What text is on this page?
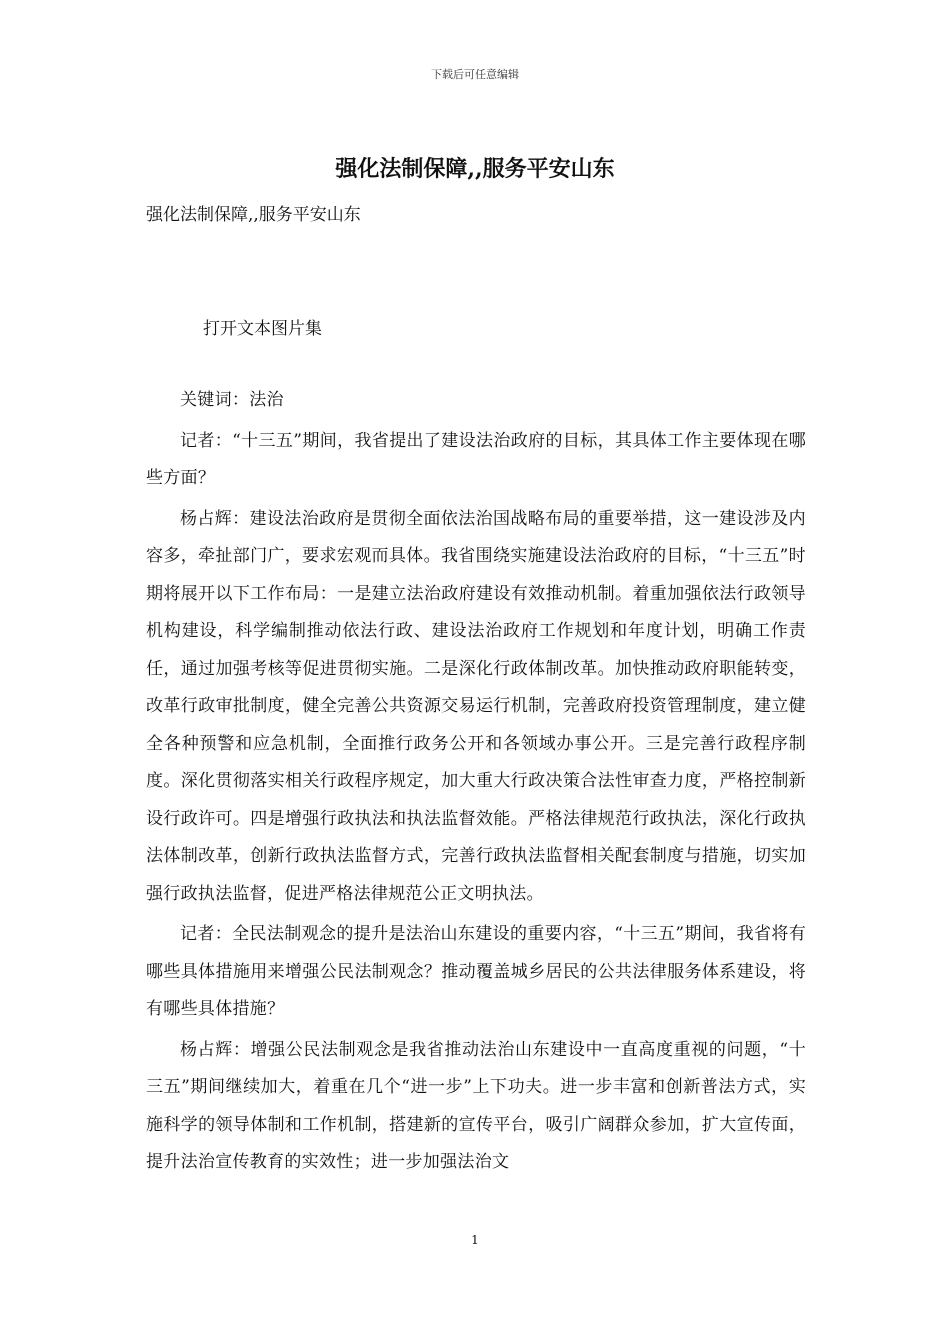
下载后可任意编辑
强化法制保障,,服务平安山东
强化法制保障,,服务平安山东
打开文本图片集

关键词：法治

记者：“十三五”期间，我省提出了建设法治政府的目标，其具体工作主要体现在哪些方面？

杨占辉：建设法治政府是贯彻全面依法治国战略布局的重要举措，这一建设涉及内容多，牵扯部门广，要求宏观而具体。我省围绕实施建设法治政府的目标，“十三五”时期将展开以下工作布局：一是建立法治政府建设有效推动机制。着重加强依法行政领导机构建设，科学编制推动依法行政、建设法治政府工作规划和年度计划，明确工作责任，通过加强考核等促进贯彻实施。二是深化行政体制改革。加快推动政府职能转变，改革行政审批制度，健全完善公共资源交易运行机制，完善政府投资管理制度，建立健全各种预警和应急机制，全面推行政务公开和各领域办事公开。三是完善行政程序制度。深化贯彻落实相关行政程序规定，加大重大行政决策合法性审查力度，严格控制新设行政许可。四是增强行政执法和执法监督效能。严格法律规范行政执法，深化行政执法体制改革，创新行政执法监督方式，完善行政执法监督相关配套制度与措施，切实加强行政执法监督，促进严格法律规范公正文明执法。

记者：全民法制观念的提升是法治山东建设的重要内容，“十三五”期间，我省将有哪些具体措施用来增强公民法制观念？推动覆盖城乡居民的公共法律服务体系建设，将有哪些具体措施？

杨占辉：增强公民法制观念是我省推动法治山东建设中一直高度重视的问题，“十三五”期间继续加大，着重在几个“进一步”上下功夫。进一步丰富和创新普法方式，实施科学的领导体制和工作机制，搭建新的宣传平台，吸引广阔群众参加，扩大宣传面，提升法治宣传教育的实效性；进一步加强法治文

1
